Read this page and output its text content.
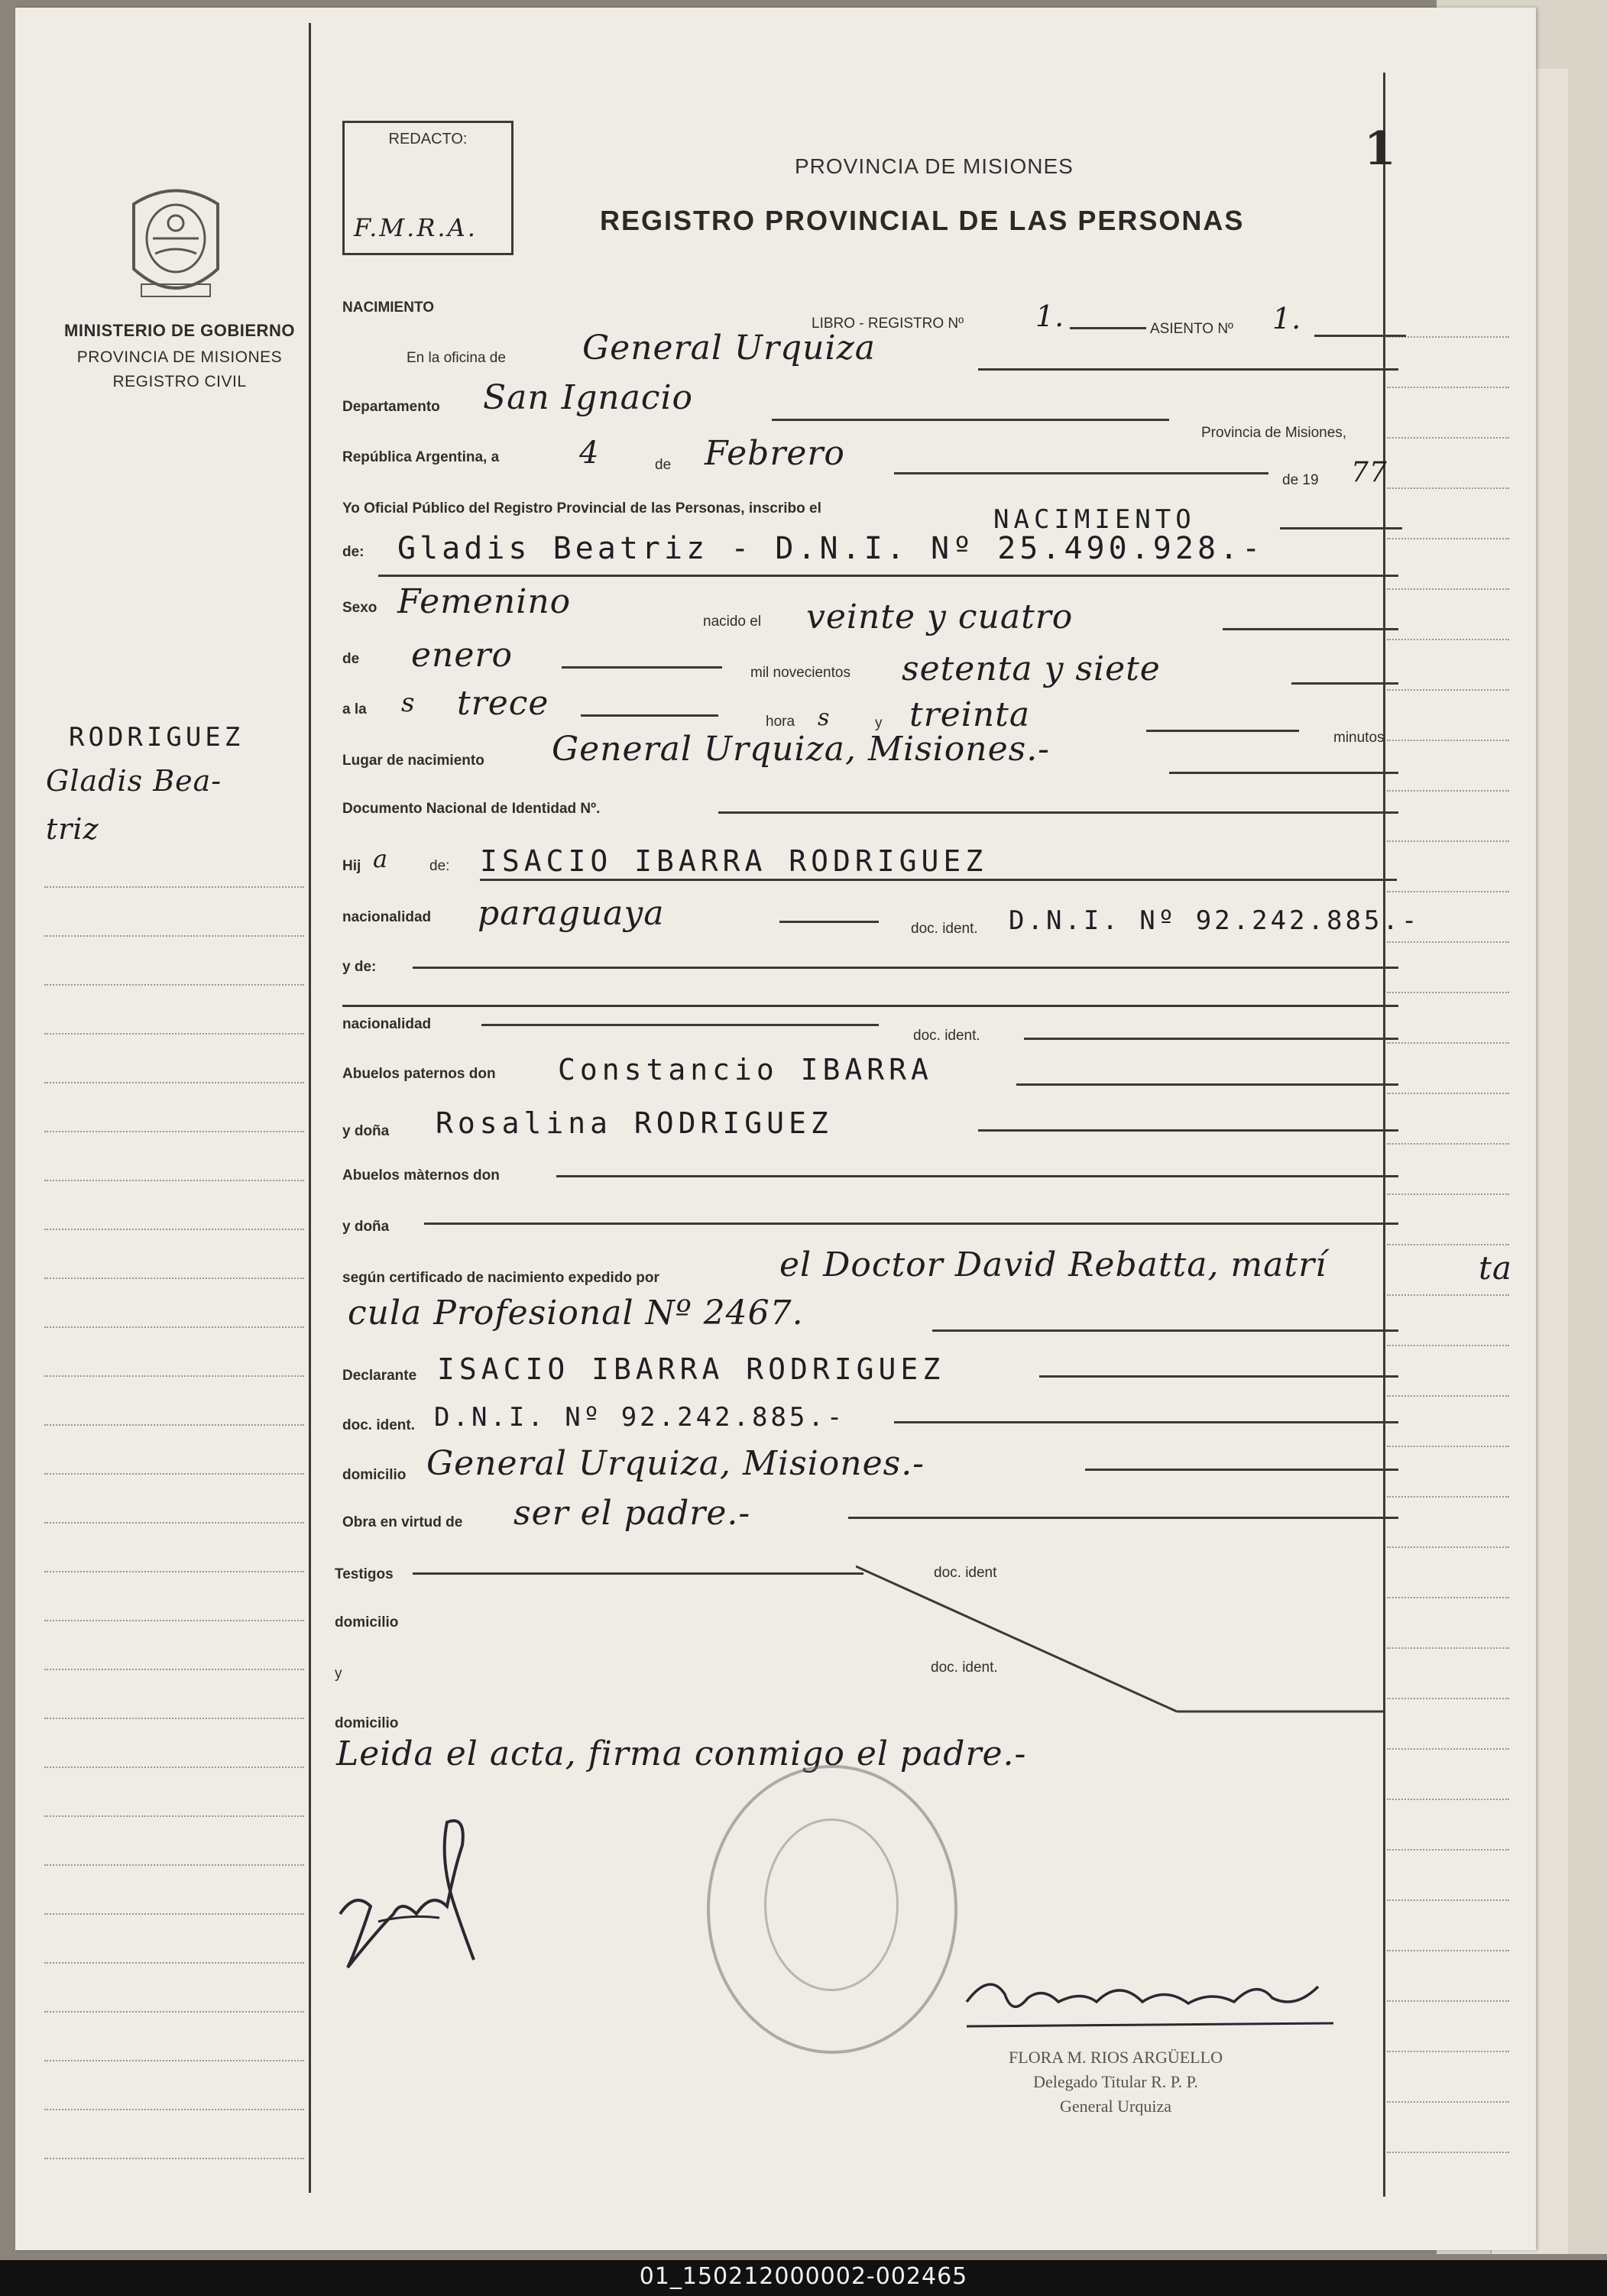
MINISTERIO DE GOBIERNO
PROVINCIA DE MISIONES
REGISTRO CIVIL
REDACTO:
F.M.R.A.
PROVINCIA DE MISIONES
REGISTRO PROVINCIAL DE LAS PERSONAS
1
RODRIGUEZ
Gladis Bea-
triz
NACIMIENTO
LIBRO - REGISTRO Nº 1.	ASIENTO Nº 1.
En la oficina de General Urquiza
Departamento San Ignacio
Provincia de Misiones,
República Argentina, a	4	de Febrero
de 19 77
Yo Oficial Público del Registro Provincial de las Personas, inscribo el	NACIMIENTO
de: Gladis Beatriz - D.N.I. Nº 25.490.928.-
Sexo Femenino
nacido el veinte y cuatro
de enero	mil novecientos setenta y siete
a la s trece	hora s	y treinta
minutos
Lugar de nacimiento General Urquiza, Misiones.-
Documento Nacional de Identidad Nº.
Hij a	de: ISACIO IBARRA RODRIGUEZ
nacionalidad paraguaya	doc. ident. D.N.I. Nº 92.242.885.-
y de:
nacionalidad
doc. ident.
Abuelos paternos don Constancio IBARRA
y doña Rosalina RODRIGUEZ
Abuelos màternos don
y doña
según certificado de nacimiento expedido por	el Doctor David Rebatta, matrí
cula Profesional Nº 2467.
ta
Declarante ISACIO IBARRA RODRIGUEZ
doc. ident. D.N.I. Nº 92.242.885.-
domicilio General Urquiza, Misiones.-
Obra en virtud de ser el padre.-
Testigos	doc. ident
domicilio
y	doc. ident.
domicilio
Leida el acta, firma conmigo el padre.-
FLORA M. RIOS ARGÜELLO
Delegado Titular R. P. P.
General Urquiza
01_150212000002-002465
